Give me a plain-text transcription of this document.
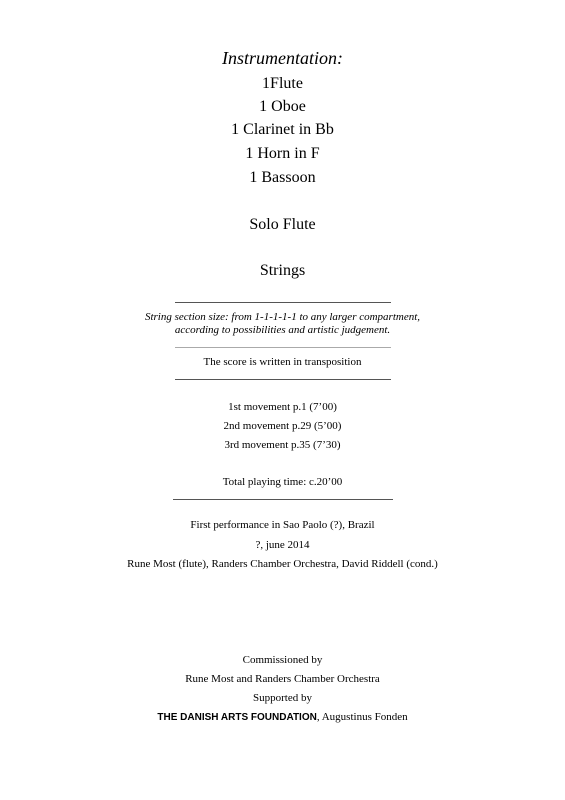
Instrumentation:
1Flute
1 Oboe
1 Clarinet in Bb
1 Horn in F
1 Bassoon
Solo Flute
Strings
String section size: from 1-1-1-1-1 to any larger compartment,
according to possibilities and artistic judgement.
The score is written in transposition
1st movement p.1 (7’00)
2nd movement p.29 (5’00)
3rd movement p.35 (7’30)
Total playing time: c.20’00
First performance in Sao Paolo (?), Brazil
?, june 2014
Rune Most (flute), Randers Chamber Orchestra, David Riddell (cond.)
Commissioned by
Rune Most and Randers Chamber Orchestra
Supported by
THE DANISH ARTS FOUNDATION, Augustinus Fonden
